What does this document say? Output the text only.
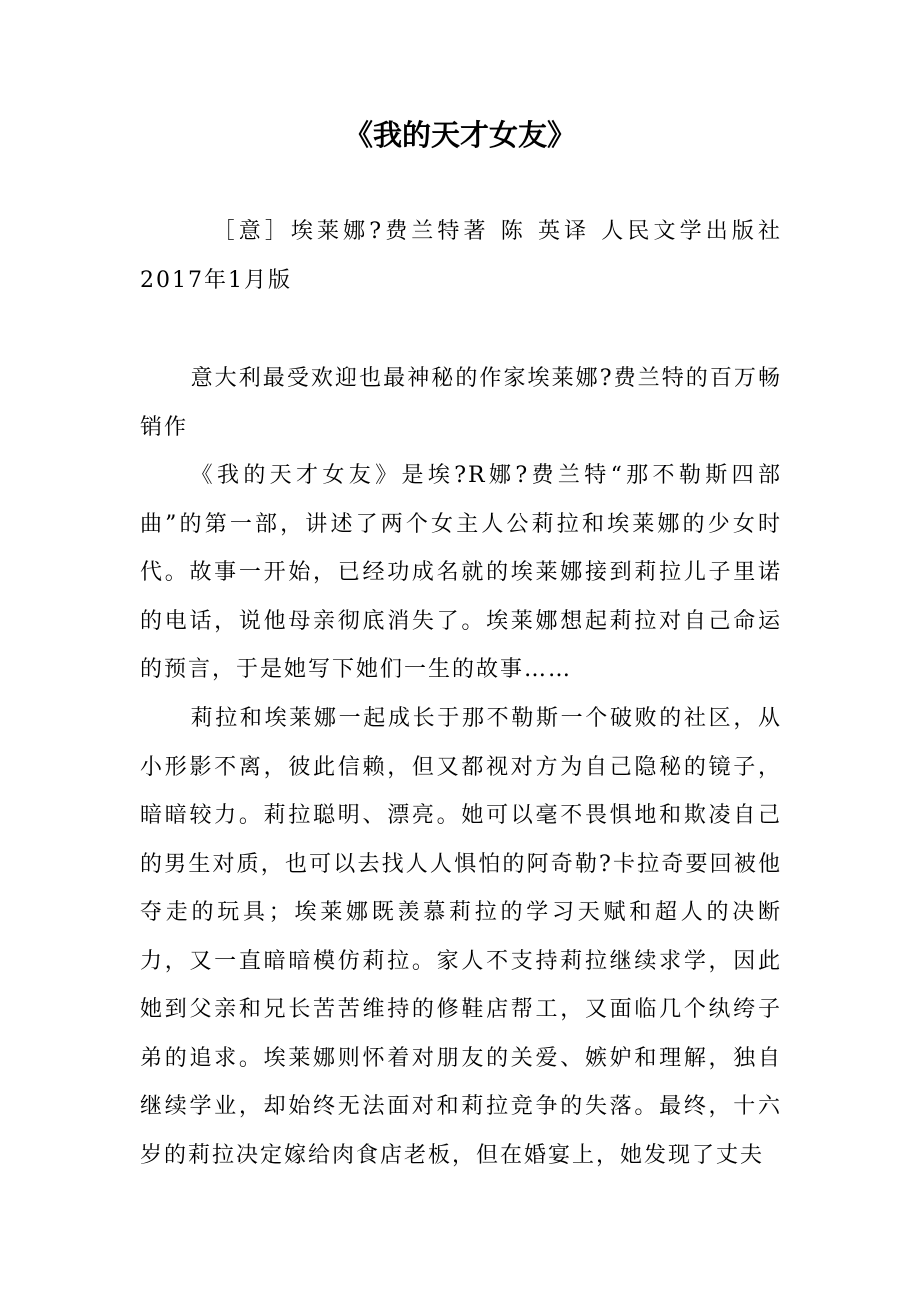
《我的天才女友》

［意］埃莱娜?费兰特著 陈 英译 人民文学出版社2017年1月版

意大利最受欢迎也最神秘的作家埃莱娜?费兰特的百万畅销作

《我的天才女友》是埃?R娜?费兰特“那不勒斯四部曲”的第一部，讲述了两个女主人公莉拉和埃莱娜的少女时代。故事一开始，已经功成名就的埃莱娜接到莉拉儿子里诺的电话，说他母亲彻底消失了。埃莱娜想起莉拉对自己命运的预言，于是她写下她们一生的故事……

莉拉和埃莱娜一起成长于那不勒斯一个破败的社区，从小形影不离，彼此信赖，但又都视对方为自己隐秘的镜子，暗暗较力。莉拉聪明、漂亮。她可以毫不畏惧地和欺凌自己的男生对质，也可以去找人人惧怕的阿奇勒?卡拉奇要回被他夺走的玩具；埃莱娜既羡慕莉拉的学习天赋和超人的决断力，又一直暗暗模仿莉拉。家人不支持莉拉继续求学，因此她到父亲和兄长苦苦维持的修鞋店帮工，又面临几个纨绔子弟的追求。埃莱娜则怀着对朋友的关爱、嫉妒和理解，独自继续学业，却始终无法面对和莉拉竞争的失落。最终，十六岁的莉拉决定嫁给肉食店老板，但在婚宴上，她发现了丈夫
